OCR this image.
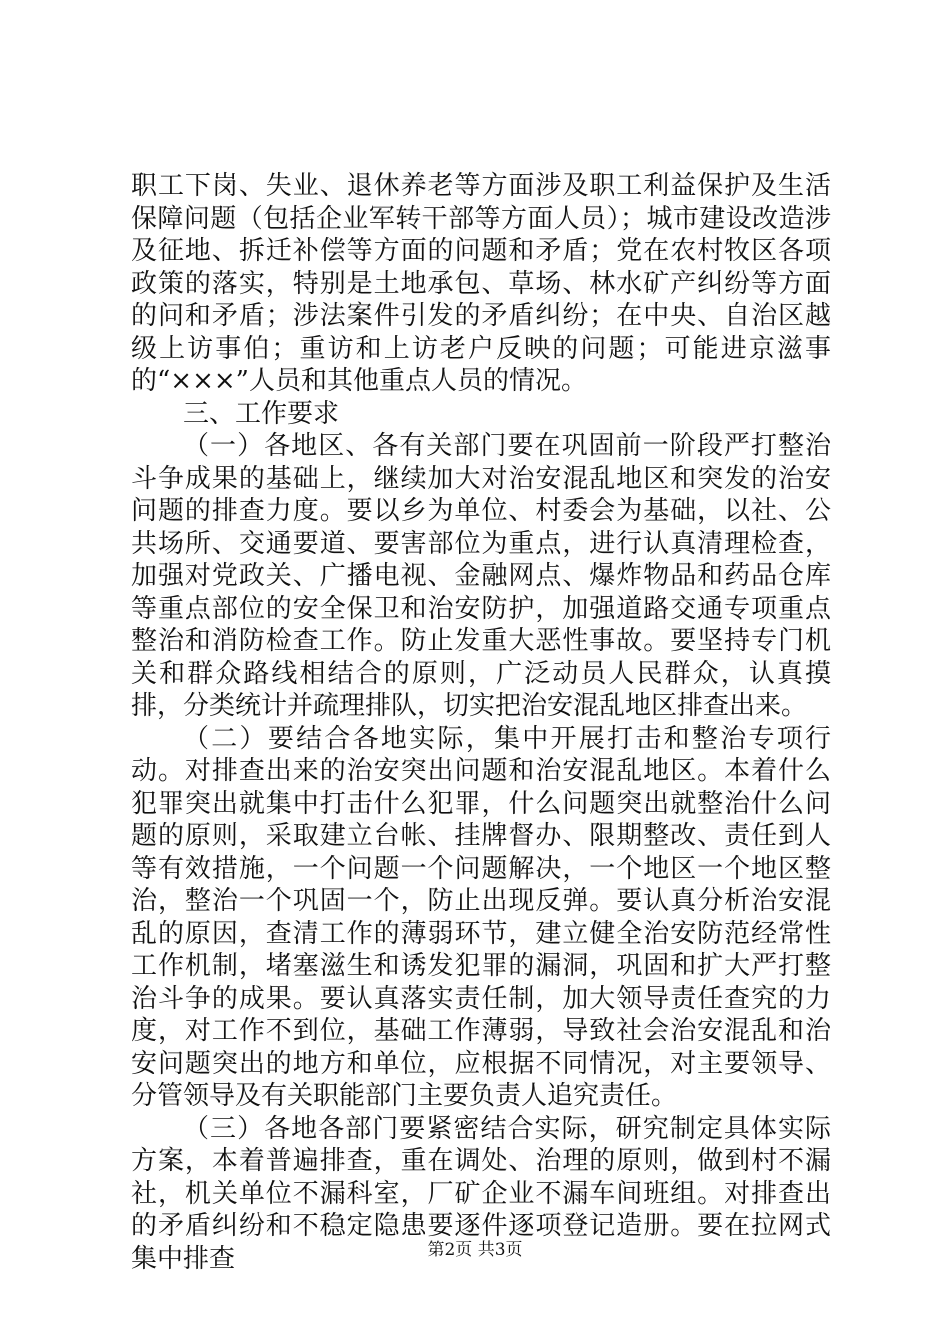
职工下岗、失业、退休养老等方面涉及职工利益保护及生活保障问题（包括企业军转干部等方面人员）；城市建设改造涉及征地、拆迁补偿等方面的问题和矛盾；党在农村牧区各项政策的落实，特别是土地承包、草场、林水矿产纠纷等方面的问和矛盾；涉法案件引发的矛盾纠纷；在中央、自治区越级上访事伯；重访和上访老户反映的问题；可能进京滋事的“×××”人员和其他重点人员的情况。

三、工作要求

（一）各地区、各有关部门要在巩固前一阶段严打整治斗争成果的基础上，继续加大对治安混乱地区和突发的治安问题的排查力度。要以乡为单位、村委会为基础，以社、公共场所、交通要道、要害部位为重点，进行认真清理检查，加强对党政关、广播电视、金融网点、爆炸物品和药品仓库等重点部位的安全保卫和治安防护，加强道路交通专项重点整治和消防检查工作。防止发重大恶性事故。要坚持专门机关和群众路线相结合的原则，广泛动员人民群众，认真摸排，分类统计并疏理排队，切实把治安混乱地区排查出来。

（二）要结合各地实际，集中开展打击和整治专项行动。对排查出来的治安突出问题和治安混乱地区。本着什么犯罪突出就集中打击什么犯罪，什么问题突出就整治什么问题的原则，采取建立台帐、挂牌督办、限期整改、责任到人等有效措施，一个问题一个问题解决，一个地区一个地区整治，整治一个巩固一个，防止出现反弹。要认真分析治安混乱的原因，查清工作的薄弱环节，建立健全治安防范经常性工作机制，堵塞滋生和诱发犯罪的漏洞，巩固和扩大严打整治斗争的成果。要认真落实责任制，加大领导责任查究的力度，对工作不到位，基础工作薄弱，导致社会治安混乱和治安问题突出的地方和单位，应根据不同情况，对主要领导、分管领导及有关职能部门主要负责人追究责任。

（三）各地各部门要紧密结合实际，研究制定具体实际方案，本着普遍排查，重在调处、治理的原则，做到村不漏社，机关单位不漏科室，厂矿企业不漏车间班组。对排查出的矛盾纠纷和不稳定隐患要逐件逐项登记造册。要在拉网式集中排查	第2页 共3页
